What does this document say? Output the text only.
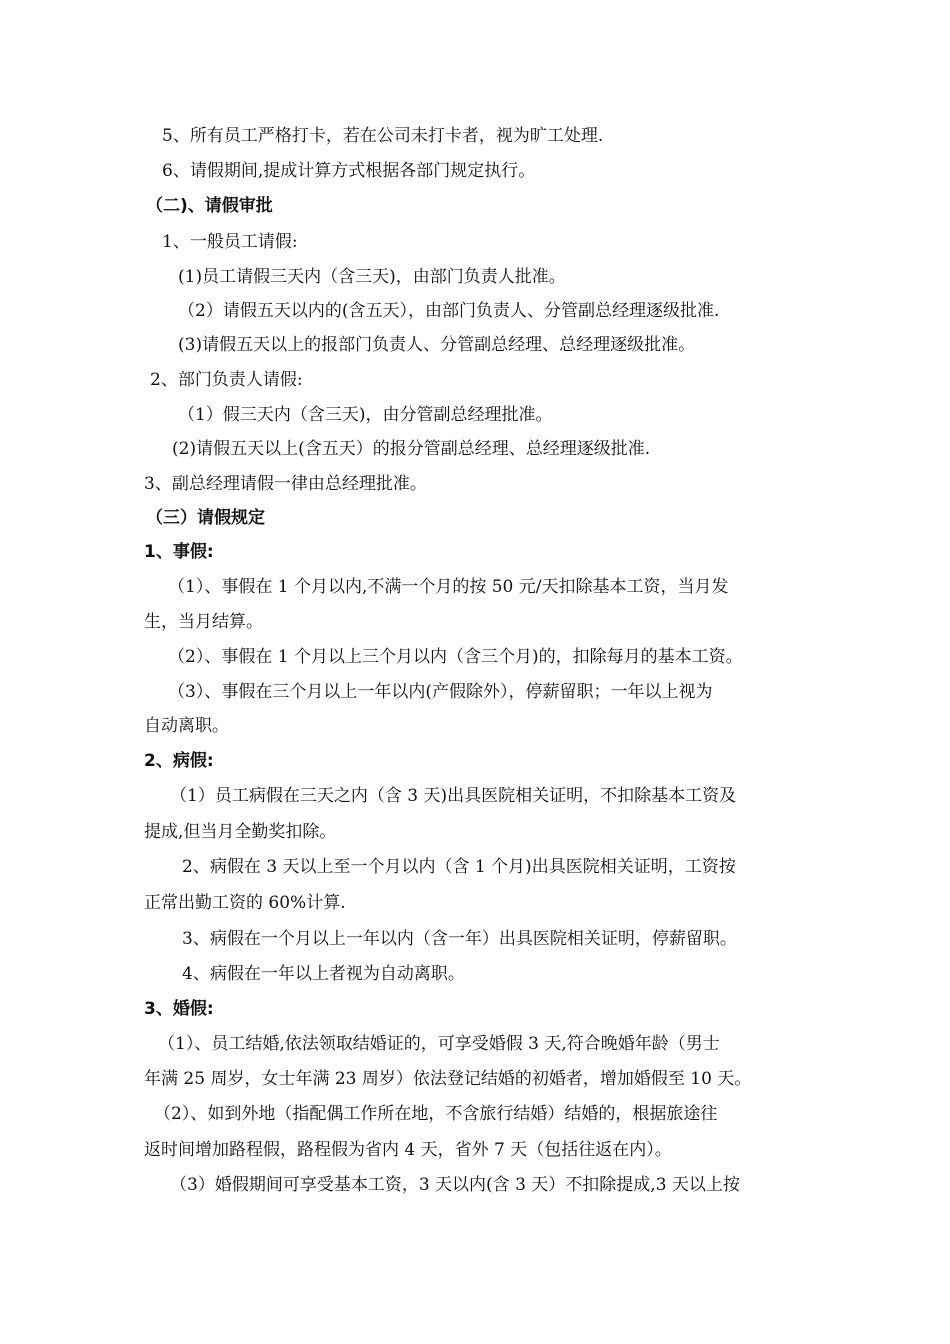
5、所有员工严格打卡，若在公司未打卡者，视为旷工处理.
6、请假期间,提成计算方式根据各部门规定执行。
（二)、请假审批
1、一般员工请假:
(1)员工请假三天内（含三天)，由部门负责人批准。
（2）请假五天以内的(含五天），由部门负责人、分管副总经理逐级批准.
(3)请假五天以上的报部门负责人、分管副总经理、总经理逐级批准。
2、部门负责人请假:
（1）假三天内（含三天)，由分管副总经理批准。
(2)请假五天以上(含五天）的报分管副总经理、总经理逐级批准.
3、副总经理请假一律由总经理批准。
（三）请假规定
1、事假:
（1）、事假在 1 个月以内,不满一个月的按 50 元/天扣除基本工资，当月发
生，当月结算。
（2）、事假在 1 个月以上三个月以内（含三个月)的，扣除每月的基本工资。
（3）、事假在三个月以上一年以内(产假除外），停薪留职；一年以上视为
自动离职。
2、病假:
（1）员工病假在三天之内（含 3 天)出具医院相关证明，不扣除基本工资及
提成,但当月全勤奖扣除。
2、病假在 3 天以上至一个月以内（含 1 个月)出具医院相关证明，工资按
正常出勤工资的 60%计算.
3、病假在一个月以上一年以内（含一年）出具医院相关证明，停薪留职。
4、病假在一年以上者视为自动离职。
3、婚假:
（1）、员工结婚,依法领取结婚证的，可享受婚假 3 天,符合晚婚年龄（男士
年满 25 周岁，女士年满 23 周岁）依法登记结婚的初婚者，增加婚假至 10 天。
（2）、如到外地（指配偶工作所在地，不含旅行结婚）结婚的，根据旅途往
返时间增加路程假，路程假为省内 4 天，省外 7 天（包括往返在内）。
（3）婚假期间可享受基本工资，3 天以内(含 3 天）不扣除提成,3 天以上按
